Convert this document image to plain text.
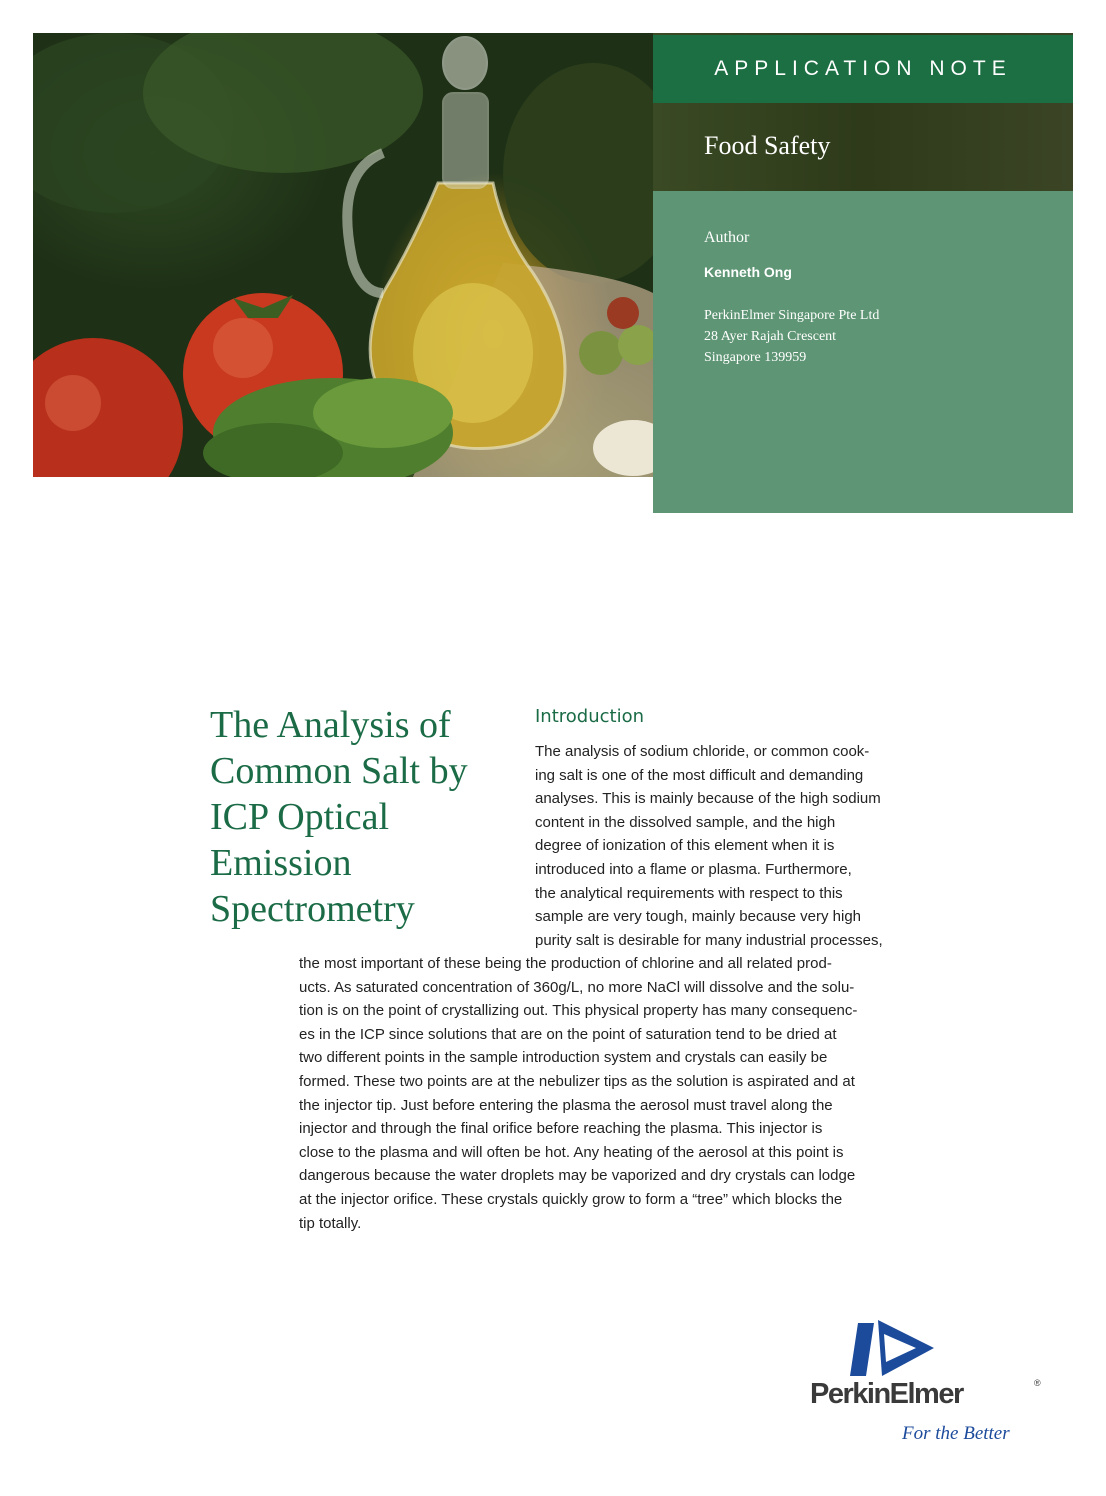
APPLICATION NOTE
Food Safety
Author
Kenneth Ong
PerkinElmer Singapore Pte Ltd
28 Ayer Rajah Crescent
Singapore 139959
The Analysis of
Common Salt by
ICP Optical
Emission
Spectrometry
Introduction
The analysis of sodium chloride, or common cook-
ing salt is one of the most difficult and demanding
analyses. This is mainly because of the high sodium
content in the dissolved sample, and the high
degree of ionization of this element when it is
introduced into a flame or plasma. Furthermore,
the analytical requirements with respect to this
sample are very tough, mainly because very high
purity salt is desirable for many industrial processes,
the most important of these being the production of chlorine and all related prod-
ucts. As saturated concentration of 360g/L, no more NaCl will dissolve and the solu-
tion is on the point of crystallizing out. This physical property has many consequenc-
es in the ICP since solutions that are on the point of saturation tend to be dried at
two different points in the sample introduction system and crystals can easily be
formed. These two points are at the nebulizer tips as the solution is aspirated and at
the injector tip. Just before entering the plasma the aerosol must travel along the
injector and through the final orifice before reaching the plasma. This injector is
close to the plasma and will often be hot. Any heating of the aerosol at this point is
dangerous because the water droplets may be vaporized and dry crystals can lodge
at the injector orifice. These crystals quickly grow to form a “tree” which blocks the
tip totally.
PerkinElmer	®
For the Better
